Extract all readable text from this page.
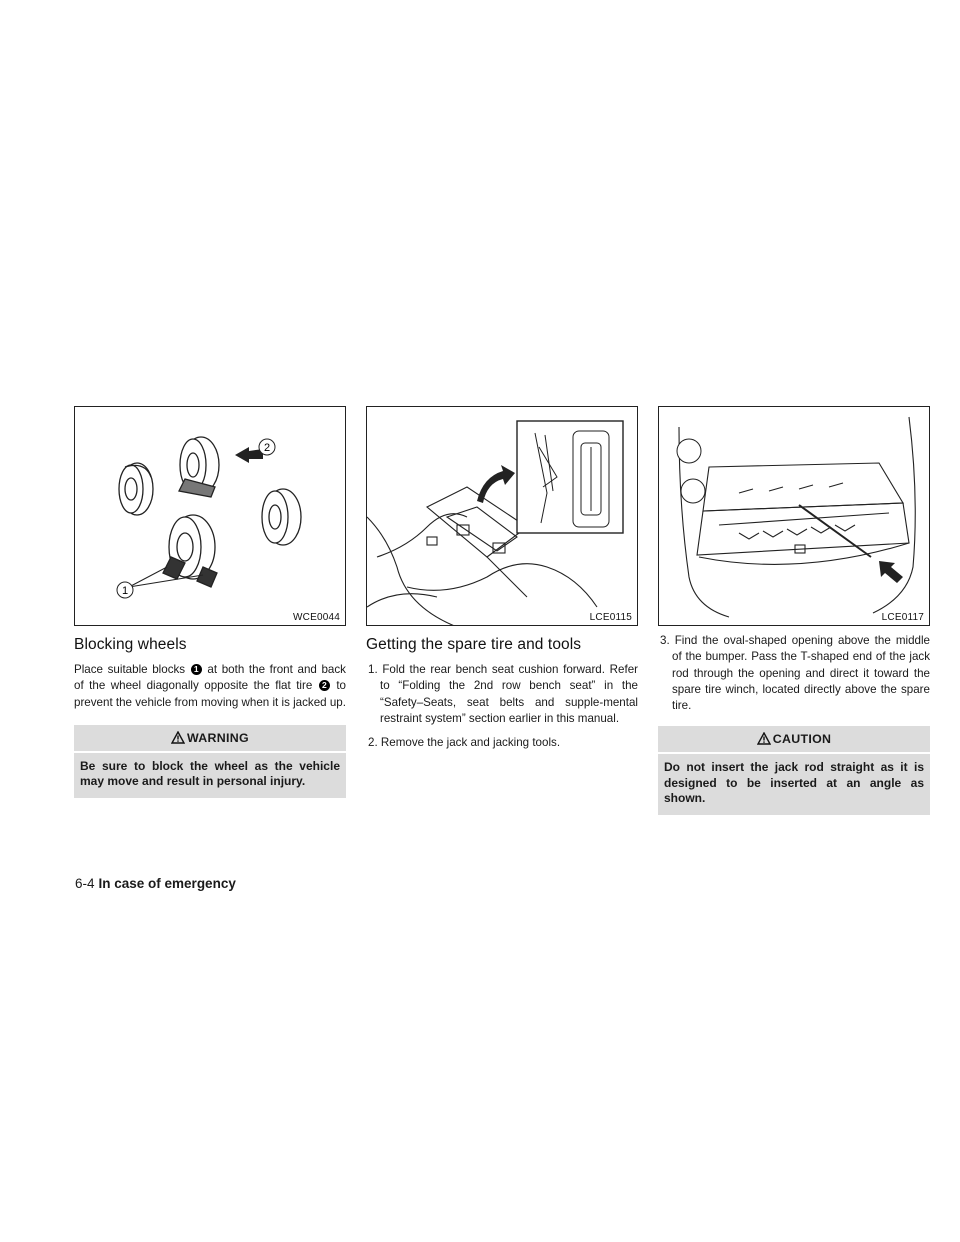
1
2
WCE0044	LCE0115	LCE0117
Blocking wheels

Place suitable blocks 1 at both the front and back of the wheel diagonally opposite the flat tire 2 to prevent the vehicle from moving when it is jacked up.

WARNING
Be sure to block the wheel as the vehicle may move and result in personal injury.
Getting the spare tire and tools
1. Fold the rear bench seat cushion forward. Refer to “Folding the 2nd row bench seat” in the “Safety–Seats, seat belts and supple-mental restraint system” section earlier in this manual.
2. Remove the jack and jacking tools.
3. Find the oval-shaped opening above the middle of the bumper. Pass the T-shaped end of the jack rod through the opening and direct it toward the spare tire winch, located directly above the spare tire.
CAUTION
Do not insert the jack rod straight as it is designed to be inserted at an angle as shown.
6-4 In case of emergency
